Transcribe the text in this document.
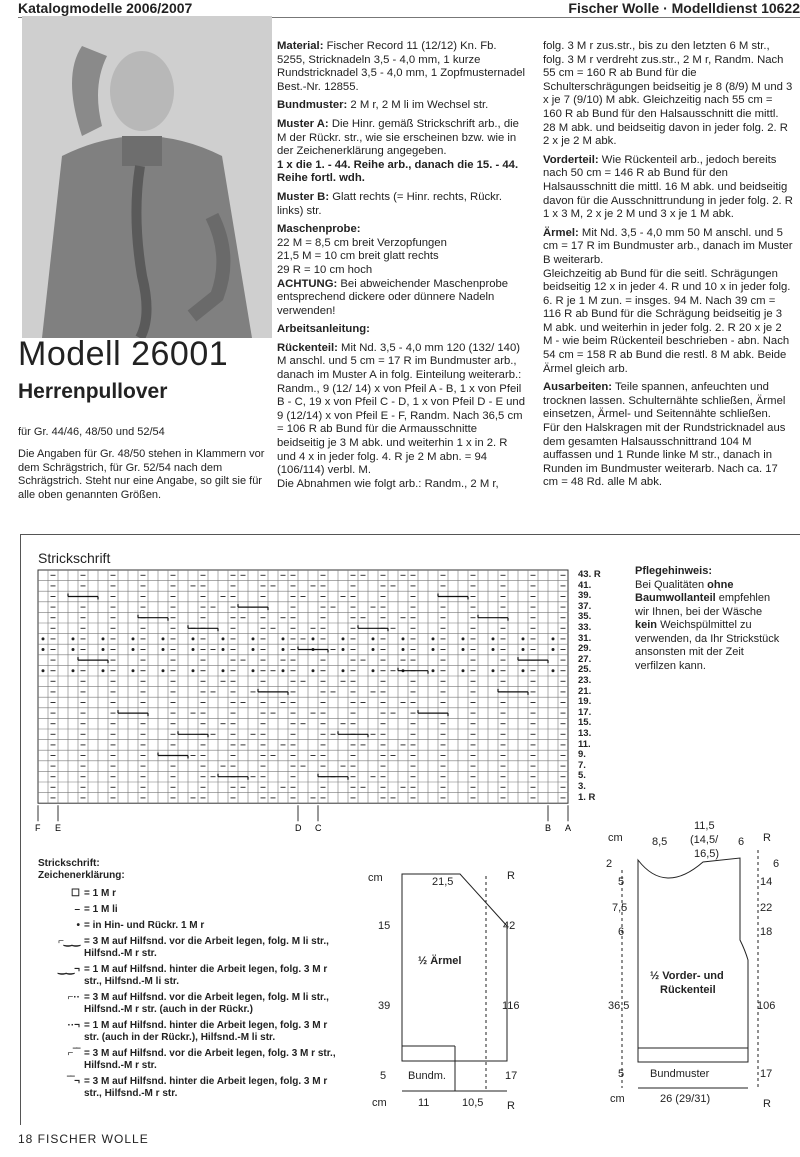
Katalogmodelle 2006/2007	Fischer Wolle · Modelldienst 10622
Modell 26001
Herrenpullover
für Gr. 44/46, 48/50 und 52/54
Die Angaben für Gr. 48/50 stehen in Klammern vor dem Schrägstrich, für Gr. 52/54 nach dem Schrägstrich. Steht nur eine Angabe, so gilt sie für alle oben genannten Größen.

Material: Fischer Record 11 (12/12) Kn. Fb. 5255, Stricknadeln 3,5 - 4,0 mm, 1 kurze Rundstricknadel 3,5 - 4,0 mm, 1 Zopfmusternadel Best.-Nr. 12855.

Bundmuster: 2 M r, 2 M li im Wechsel str.

Muster A: Die Hinr. gemäß Strickschrift arb., die M der Rückr. str., wie sie erscheinen bzw. wie in der Zeichenerklärung angegeben.
1 x die 1. - 44. Reihe arb., danach die 15. - 44. Reihe fortl. wdh.

Muster B: Glatt rechts (= Hinr. rechts, Rückr. links) str.

Maschenprobe:

22 M = 8,5 cm breit Verzopfungen
21,5 M = 10 cm breit glatt rechts
29 R = 10 cm hoch

ACHTUNG: Bei abweichender Maschenprobe entsprechend dickere oder dünnere Nadeln verwenden!

Arbeitsanleitung:

Rückenteil: Mit Nd. 3,5 - 4,0 mm 120 (132/ 140) M anschl. und 5 cm = 17 R im Bundmuster arb., danach im Muster A in folg. Einteilung weiterarb.: Randm., 9 (12/ 14) x von Pfeil A - B, 1 x von Pfeil B - C, 19 x von Pfeil C - D, 1 x von Pfeil D - E und 9 (12/14) x von Pfeil E - F, Randm. Nach 36,5 cm = 106 R ab Bund für die Armausschnitte beidseitig je 3 M abk. und weiterhin 1 x in 2. R und 4 x in jeder folg. 4. R je 2 M abn. = 94 (106/114) verbl. M.

Die Abnahmen wie folgt arb.: Randm., 2 M r,

folg. 3 M r zus.str., bis zu den letzten 6 M str., folg. 3 M r verdreht zus.str., 2 M r, Randm. Nach 55 cm = 160 R ab Bund für die Schulterschrägungen beidseitig je 8 (8/9) M und 3 x je 7 (9/10) M abk. Gleichzeitig nach 55 cm = 160 R ab Bund für den Halsausschnitt die mittl. 28 M abk. und beidseitig davon in jeder folg. 2. R 2 x je 2 M abk.

Vorderteil: Wie Rückenteil arb., jedoch bereits nach 50 cm = 146 R ab Bund für den Halsausschnitt die mittl. 16 M abk. und beidseitig davon für die Ausschnittrundung in jeder folg. 2. R 1 x 3 M, 2 x je 2 M und 3 x je 1 M abk.

Ärmel: Mit Nd. 3,5 - 4,0 mm 50 M anschl. und 5 cm = 17 R im Bundmuster arb., danach im Muster B weiterarb.

Gleichzeitig ab Bund für die seitl. Schrägungen beidseitig 12 x in jeder 4. R und 10 x in jeder folg. 6. R je 1 M zun. = insges. 94 M. Nach 39 cm = 116 R ab Bund für die Schrägung beidseitig je 3 M abk. und weiterhin in jeder folg. 2. R 20 x je 2 M - wie beim Rückenteil beschrieben - abn. Nach 54 cm = 158 R ab Bund die restl. 8 M abk. Beide Ärmel gleich arb.

Ausarbeiten: Teile spannen, anfeuchten und trocknen lassen. Schulternähte schließen, Ärmel einsetzen, Ärmel- und Seitennähte schließen.

Für den Halskragen mit der Rundstricknadel aus dem gesamten Halsausschnittrand 104 M auffassen und 1 Runde linke M str., danach in Runden im Bundmuster weiterarb. Nach ca. 17 cm = 48 Rd. alle M abk.

Strickschrift
F E	D C	B A
43. R
41.
39.
37.
35.
33.
31.
29.
27.
25.
23.
21.
19.
17.
15.
13.
11.
9.
7.
5.
3.
1. R
Pflegehinweis:
Bei Qualitäten ohne Baumwollanteil empfehlen wir Ihnen, bei der Wäsche kein Weichspülmittel zu verwenden, da Ihr Strickstück ansonsten mit der Zeit verfilzen kann.
Strickschrift:
Zeichenerklärung:
☐ = 1 M r
– = 1 M li
• = in Hin- und Rückr. 1 M r
⌐‿‿ = 3 M auf Hilfsnd. vor die Arbeit legen, folg. M li str., Hilfsnd.-M r str.
‿‿¬ = 1 M auf Hilfsnd. hinter die Arbeit legen, folg. 3 M r str., Hilfsnd.-M li str.
⌐·· = 3 M auf Hilfsnd. vor die Arbeit legen, folg. M li str., Hilfsnd.-M r str. (auch in der Rückr.)
··¬ = 1 M auf Hilfsnd. hinter die Arbeit legen, folg. 3 M r str. (auch in der Rückr.), Hilfsnd.-M li str.
⌐‾‾ = 3 M auf Hilfsnd. vor die Arbeit legen, folg. 3 M r str., Hilfsnd.-M r str.
‾‾¬ = 3 M auf Hilfsnd. hinter die Arbeit legen, folg. 3 M r str., Hilfsnd.-M r str.
cm	21,5	R
15
39
5
42
116
17
½ Ärmel
Bundm.
cm	11	10,5 R
cm	8,5
11,5
(14,5/
16,5)
6 R
2
5
7,5
6
36,5
5
6
14
22
18
106
17
½ Vorder- und
Rückenteil
Bundmuster
cm	26 (29/31)	R
18 FISCHER WOLLE
